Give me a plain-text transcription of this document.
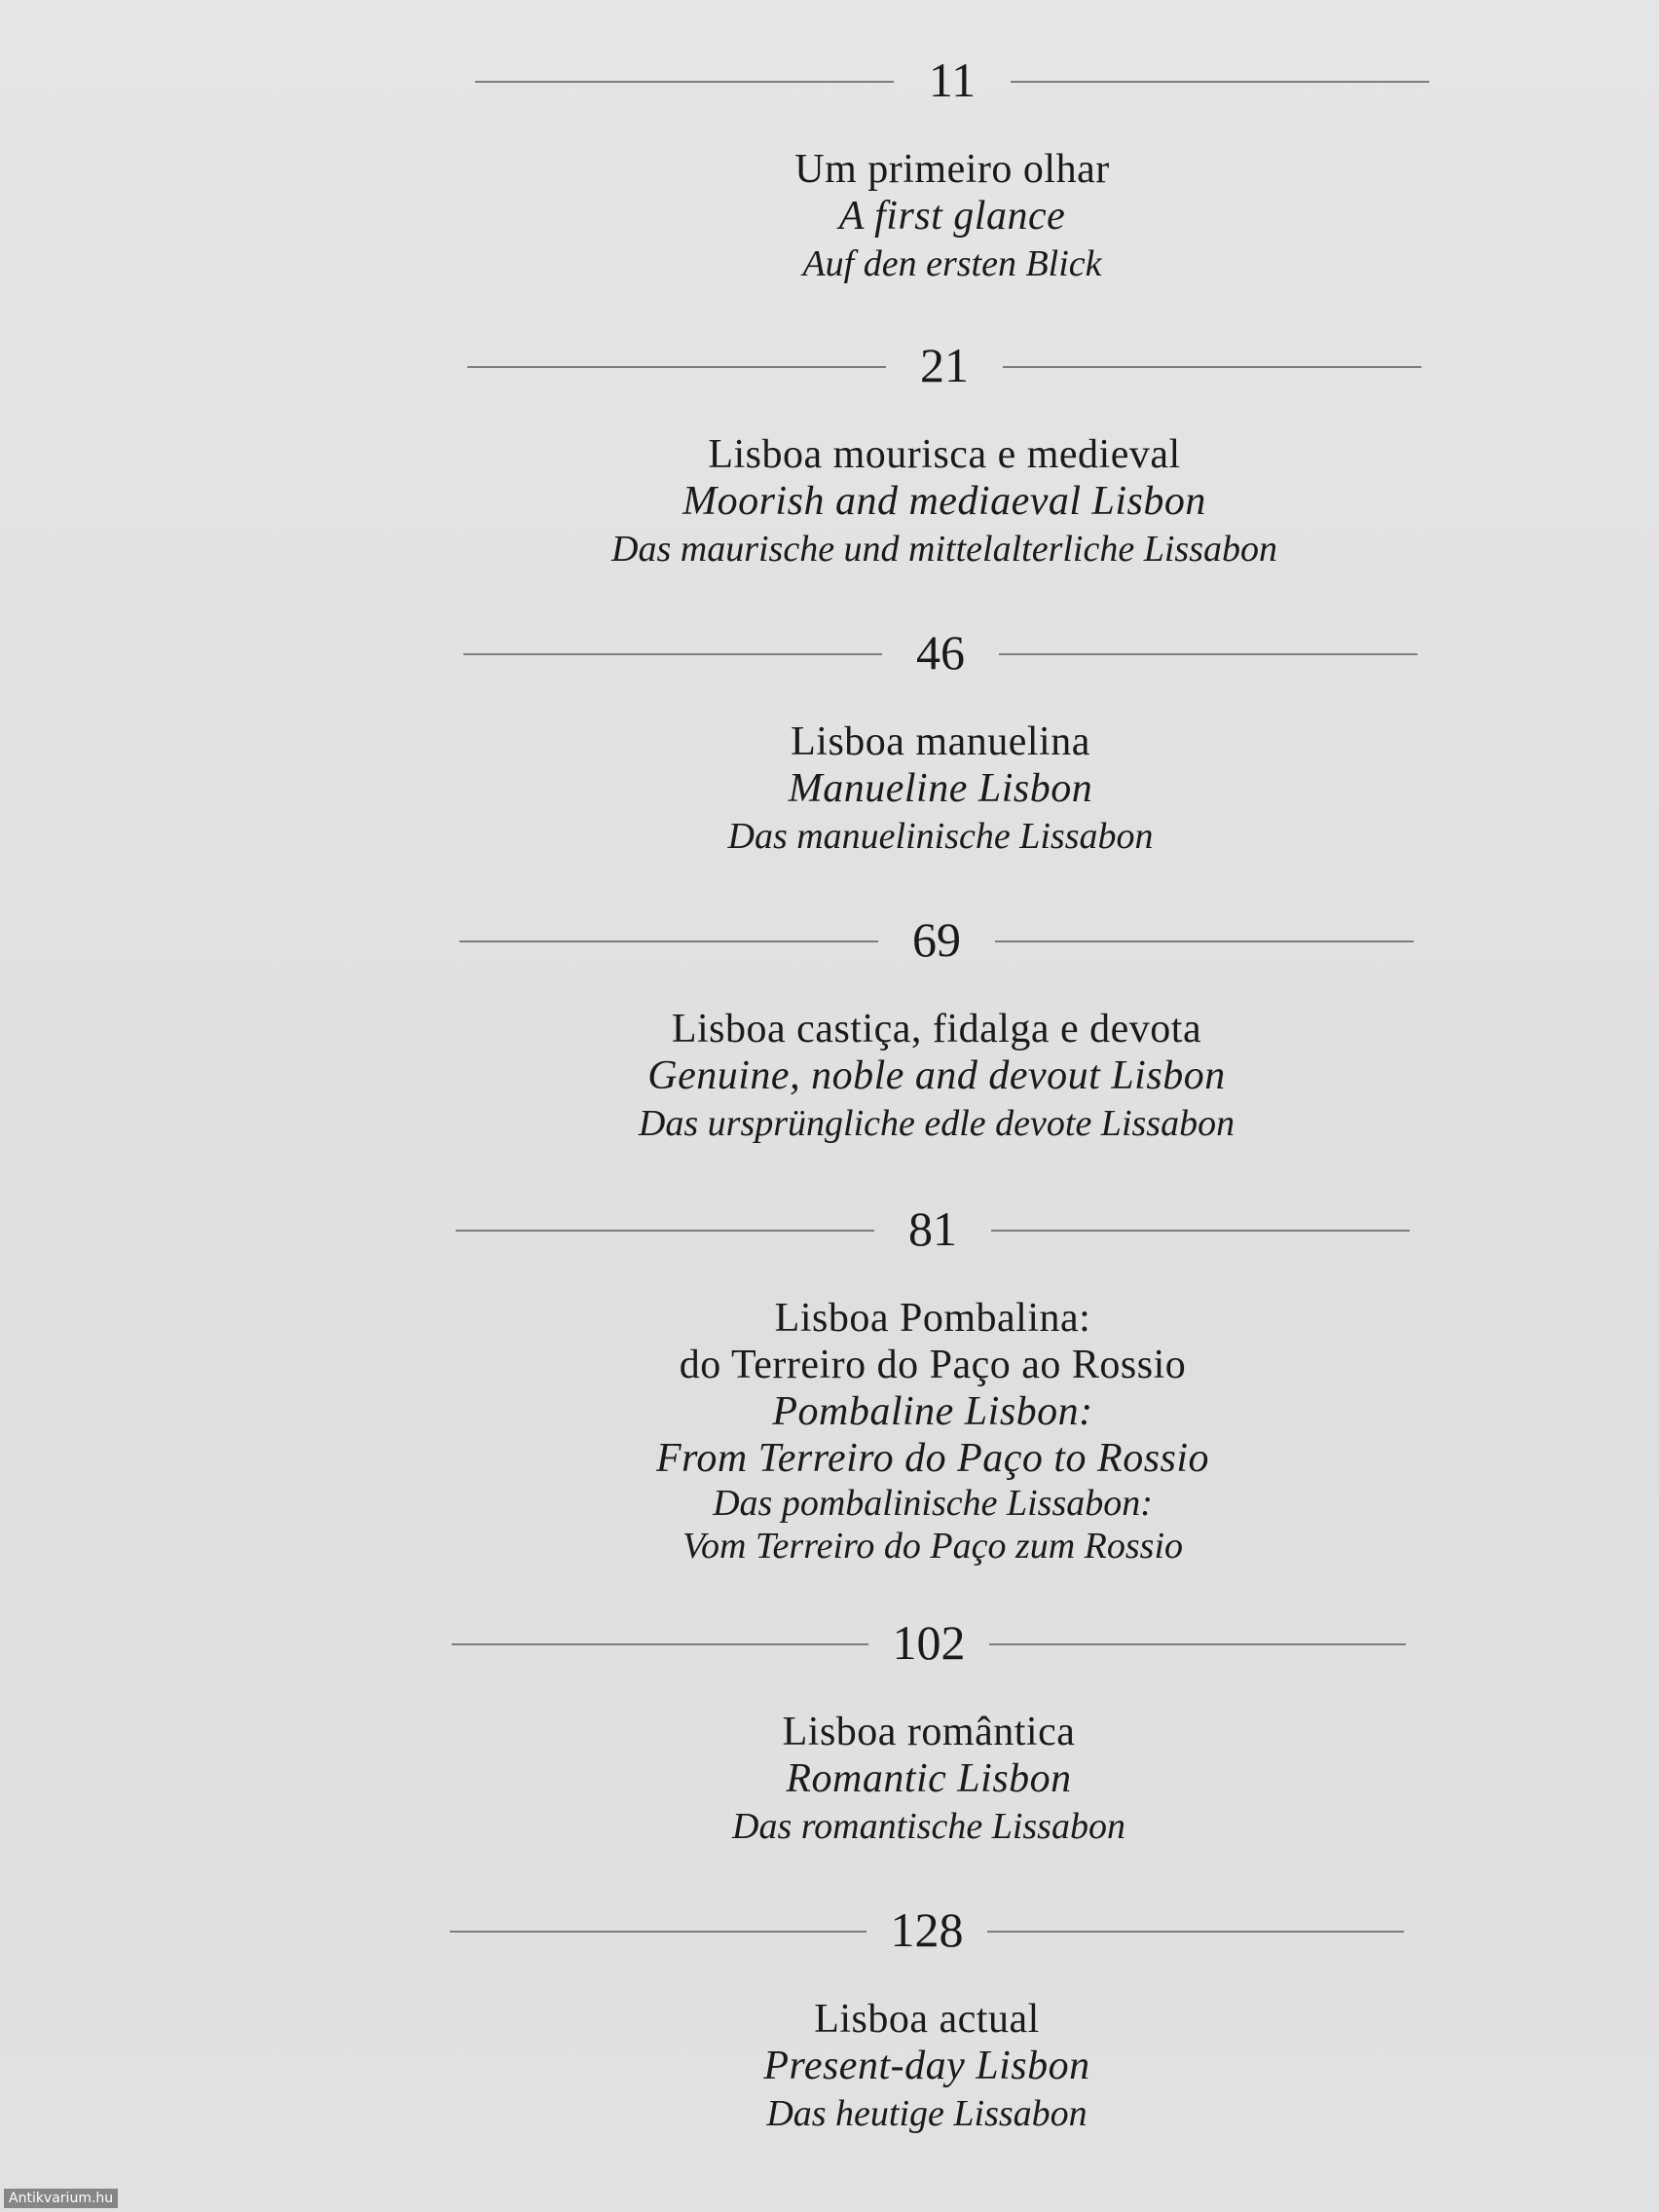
11
Um primeiro olhar
A first glance
Auf den ersten Blick
21
Lisboa mourisca e medieval
Moorish and mediaeval Lisbon
Das maurische und mittelalterliche Lissabon
46
Lisboa manuelina
Manueline Lisbon
Das manuelinische Lissabon
69
Lisboa castiça, fidalga e devota
Genuine, noble and devout Lisbon
Das ursprüngliche edle devote Lissabon
81
Lisboa Pombalina:
do Terreiro do Paço ao Rossio
Pombaline Lisbon:
From Terreiro do Paço to Rossio
Das pombalinische Lissabon:
Vom Terreiro do Paço zum Rossio
102
Lisboa romântica
Romantic Lisbon
Das romantische Lissabon
128
Lisboa actual
Present-day Lisbon
Das heutige Lissabon
Antikvarium.hu
